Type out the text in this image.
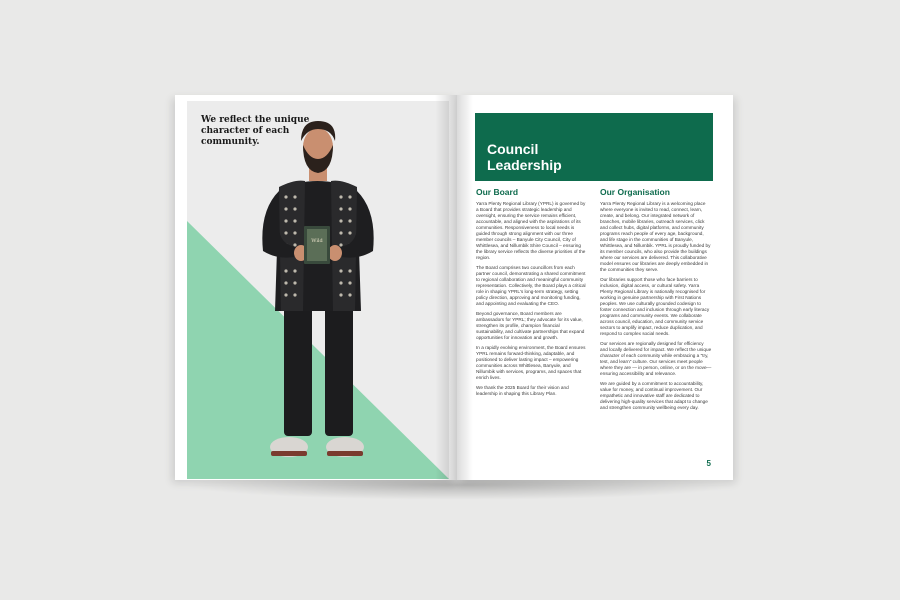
Wild
We reflect the unique character of each community.	Council Leadership
Our Board

Yarra Plenty Regional Library (YPRL) is governed by a Board that provides strategic leadership and oversight, ensuring the service remains efficient, accountable, and aligned with the aspirations of its communities. Responsiveness to local needs is guided through strong alignment with our three member councils – Banyule City Council, City of Whittlesea, and Nillumbik Shire Council – ensuring the library service reflects the diverse priorities of the region.

The Board comprises two councillors from each partner council, demonstrating a shared commitment to regional collaboration and meaningful community representation. Collectively, the Board plays a critical role in shaping YPRL's long-term strategy, setting policy direction, approving and monitoring funding, and appointing and evaluating the CEO.

Beyond governance, Board members are ambassadors for YPRL; they advocate for its value, strengthen its profile, champion financial sustainability, and cultivate partnerships that expand opportunities for innovation and growth.

In a rapidly evolving environment, the Board ensures YPRL remains forward-thinking, adaptable, and positioned to deliver lasting impact – empowering communities across Whittlesea, Banyule, and Nillumbik with services, programs, and spaces that enrich lives.

We thank the 2025 Board for their vision and leadership in shaping this Library Plan.

Our Organisation

Yarra Plenty Regional Library is a welcoming place where everyone is invited to read, connect, learn, create, and belong. Our integrated network of branches, mobile libraries, outreach services, click and collect hubs, digital platforms, and community programs reach people of every age, background, and life stage in the communities of Banyule, Whittlesea, and Nillumbik. YPRL is proudly funded by its member councils, who also provide the buildings where our services are delivered. This collaborative model ensures our libraries are deeply embedded in the communities they serve.

Our libraries support those who face barriers to inclusion, digital access, or cultural safety. Yarra Plenty Regional Library is nationally recognised for working in genuine partnership with First Nations peoples. We use culturally grounded codesign to foster connection and inclusion through early literacy programs and community events. We collaborate across council, education, and community service sectors to amplify impact, reduce duplication, and respond to complex social needs.

Our services are regionally designed for efficiency and locally delivered for impact. We reflect the unique character of each community while embracing a "try, test, and learn" culture. Our services meet people where they are — in person, online, or on the move—ensuring accessibility and relevance.

We are guided by a commitment to accountability, value for money, and continual improvement. Our empathetic and innovative staff are dedicated to delivering high-quality services that adapt to change and strengthen community wellbeing every day.

5
